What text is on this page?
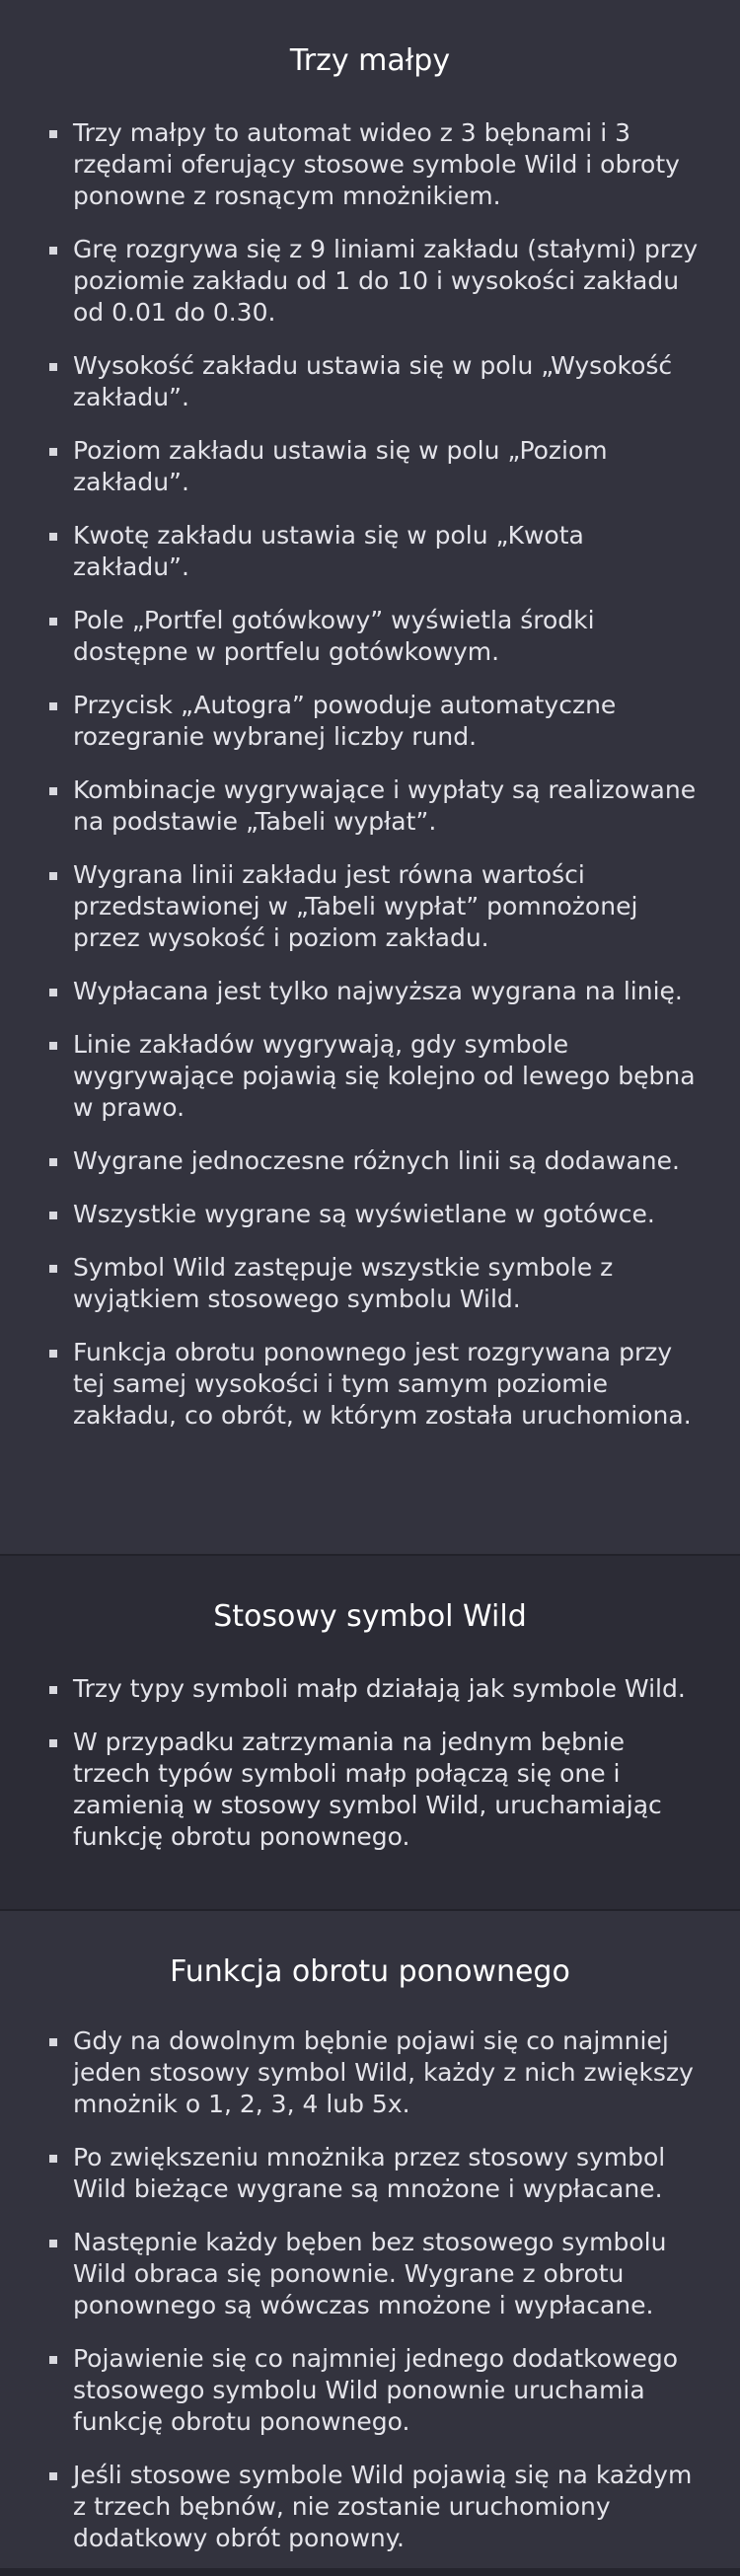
Trzy małpy
Trzy małpy to automat wideo z 3 bębnami i 3 rzędami oferujący stosowe symbole Wild i obroty ponowne z rosnącym mnożnikiem.
Grę rozgrywa się z 9 liniami zakładu (stałymi) przy poziomie zakładu od 1 do 10 i wysokości zakładu od 0.01 do 0.30.
Wysokość zakładu ustawia się w polu „Wysokość zakładu”.
Poziom zakładu ustawia się w polu „Poziom zakładu”.
Kwotę zakładu ustawia się w polu „Kwota zakładu”.
Pole „Portfel gotówkowy” wyświetla środki dostępne w portfelu gotówkowym.
Przycisk „Autogra” powoduje automatyczne rozegranie wybranej liczby rund.
Kombinacje wygrywające i wypłaty są realizowane na podstawie „Tabeli wypłat”.
Wygrana linii zakładu jest równa wartości przedstawionej w „Tabeli wypłat” pomnożonej przez wysokość i poziom zakładu.
Wypłacana jest tylko najwyższa wygrana na linię.
Linie zakładów wygrywają, gdy symbole wygrywające pojawią się kolejno od lewego bębna w prawo.
Wygrane jednoczesne różnych linii są dodawane.
Wszystkie wygrane są wyświetlane w gotówce.
Symbol Wild zastępuje wszystkie symbole z wyjątkiem stosowego symbolu Wild.
Funkcja obrotu ponownego jest rozgrywana przy tej samej wysokości i tym samym poziomie zakładu, co obrót, w którym została uruchomiona.
Stosowy symbol Wild
Trzy typy symboli małp działają jak symbole Wild.
W przypadku zatrzymania na jednym bębnie trzech typów symboli małp połączą się one i zamienią w stosowy symbol Wild, uruchamiając funkcję obrotu ponownego.
Funkcja obrotu ponownego
Gdy na dowolnym bębnie pojawi się co najmniej jeden stosowy symbol Wild, każdy z nich zwiększy mnożnik o 1, 2, 3, 4 lub 5x.
Po zwiększeniu mnożnika przez stosowy symbol Wild bieżące wygrane są mnożone i wypłacane.
Następnie każdy bęben bez stosowego symbolu Wild obraca się ponownie. Wygrane z obrotu ponownego są wówczas mnożone i wypłacane.
Pojawienie się co najmniej jednego dodatkowego stosowego symbolu Wild ponownie uruchamia funkcję obrotu ponownego.
Jeśli stosowe symbole Wild pojawią się na każdym z trzech bębnów, nie zostanie uruchomiony dodatkowy obrót ponowny.
